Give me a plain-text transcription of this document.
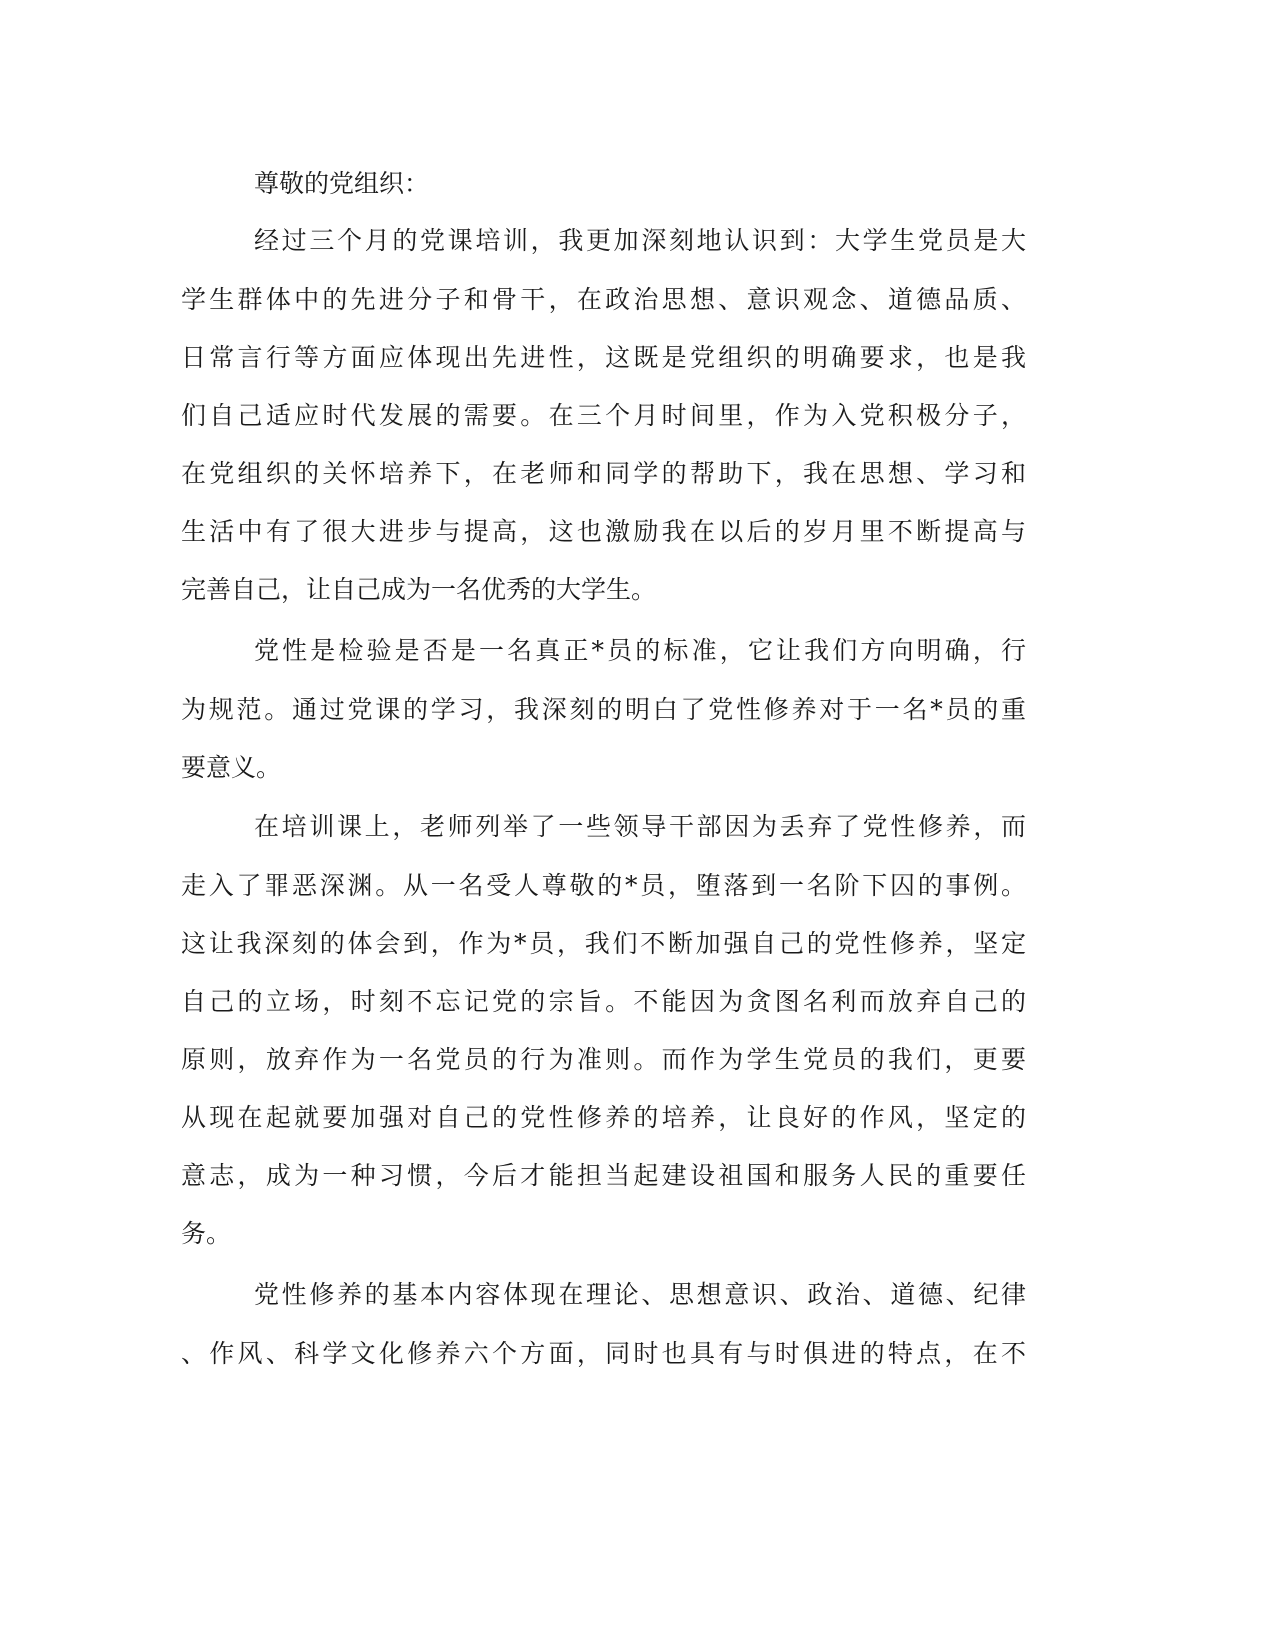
尊敬的党组织：
经过三个月的党课培训，我更加深刻地认识到：大学生党员是大
学生群体中的先进分子和骨干，在政治思想、意识观念、道德品质、
日常言行等方面应体现出先进性，这既是党组织的明确要求，也是我
们自己适应时代发展的需要。在三个月时间里，作为入党积极分子，
在党组织的关怀培养下，在老师和同学的帮助下，我在思想、学习和
生活中有了很大进步与提高，这也激励我在以后的岁月里不断提高与
完善自己，让自己成为一名优秀的大学生。
党性是检验是否是一名真正*员的标准，它让我们方向明确，行
为规范。通过党课的学习，我深刻的明白了党性修养对于一名*员的重
要意义。
在培训课上，老师列举了一些领导干部因为丢弃了党性修养，而
走入了罪恶深渊。从一名受人尊敬的*员，堕落到一名阶下囚的事例。
这让我深刻的体会到，作为*员，我们不断加强自己的党性修养，坚定
自己的立场，时刻不忘记党的宗旨。不能因为贪图名利而放弃自己的
原则，放弃作为一名党员的行为准则。而作为学生党员的我们，更要
从现在起就要加强对自己的党性修养的培养，让良好的作风，坚定的
意志，成为一种习惯，今后才能担当起建设祖国和服务人民的重要任
务。
党性修养的基本内容体现在理论、思想意识、政治、道德、纪律
、作风、科学文化修养六个方面，同时也具有与时俱进的特点，在不
